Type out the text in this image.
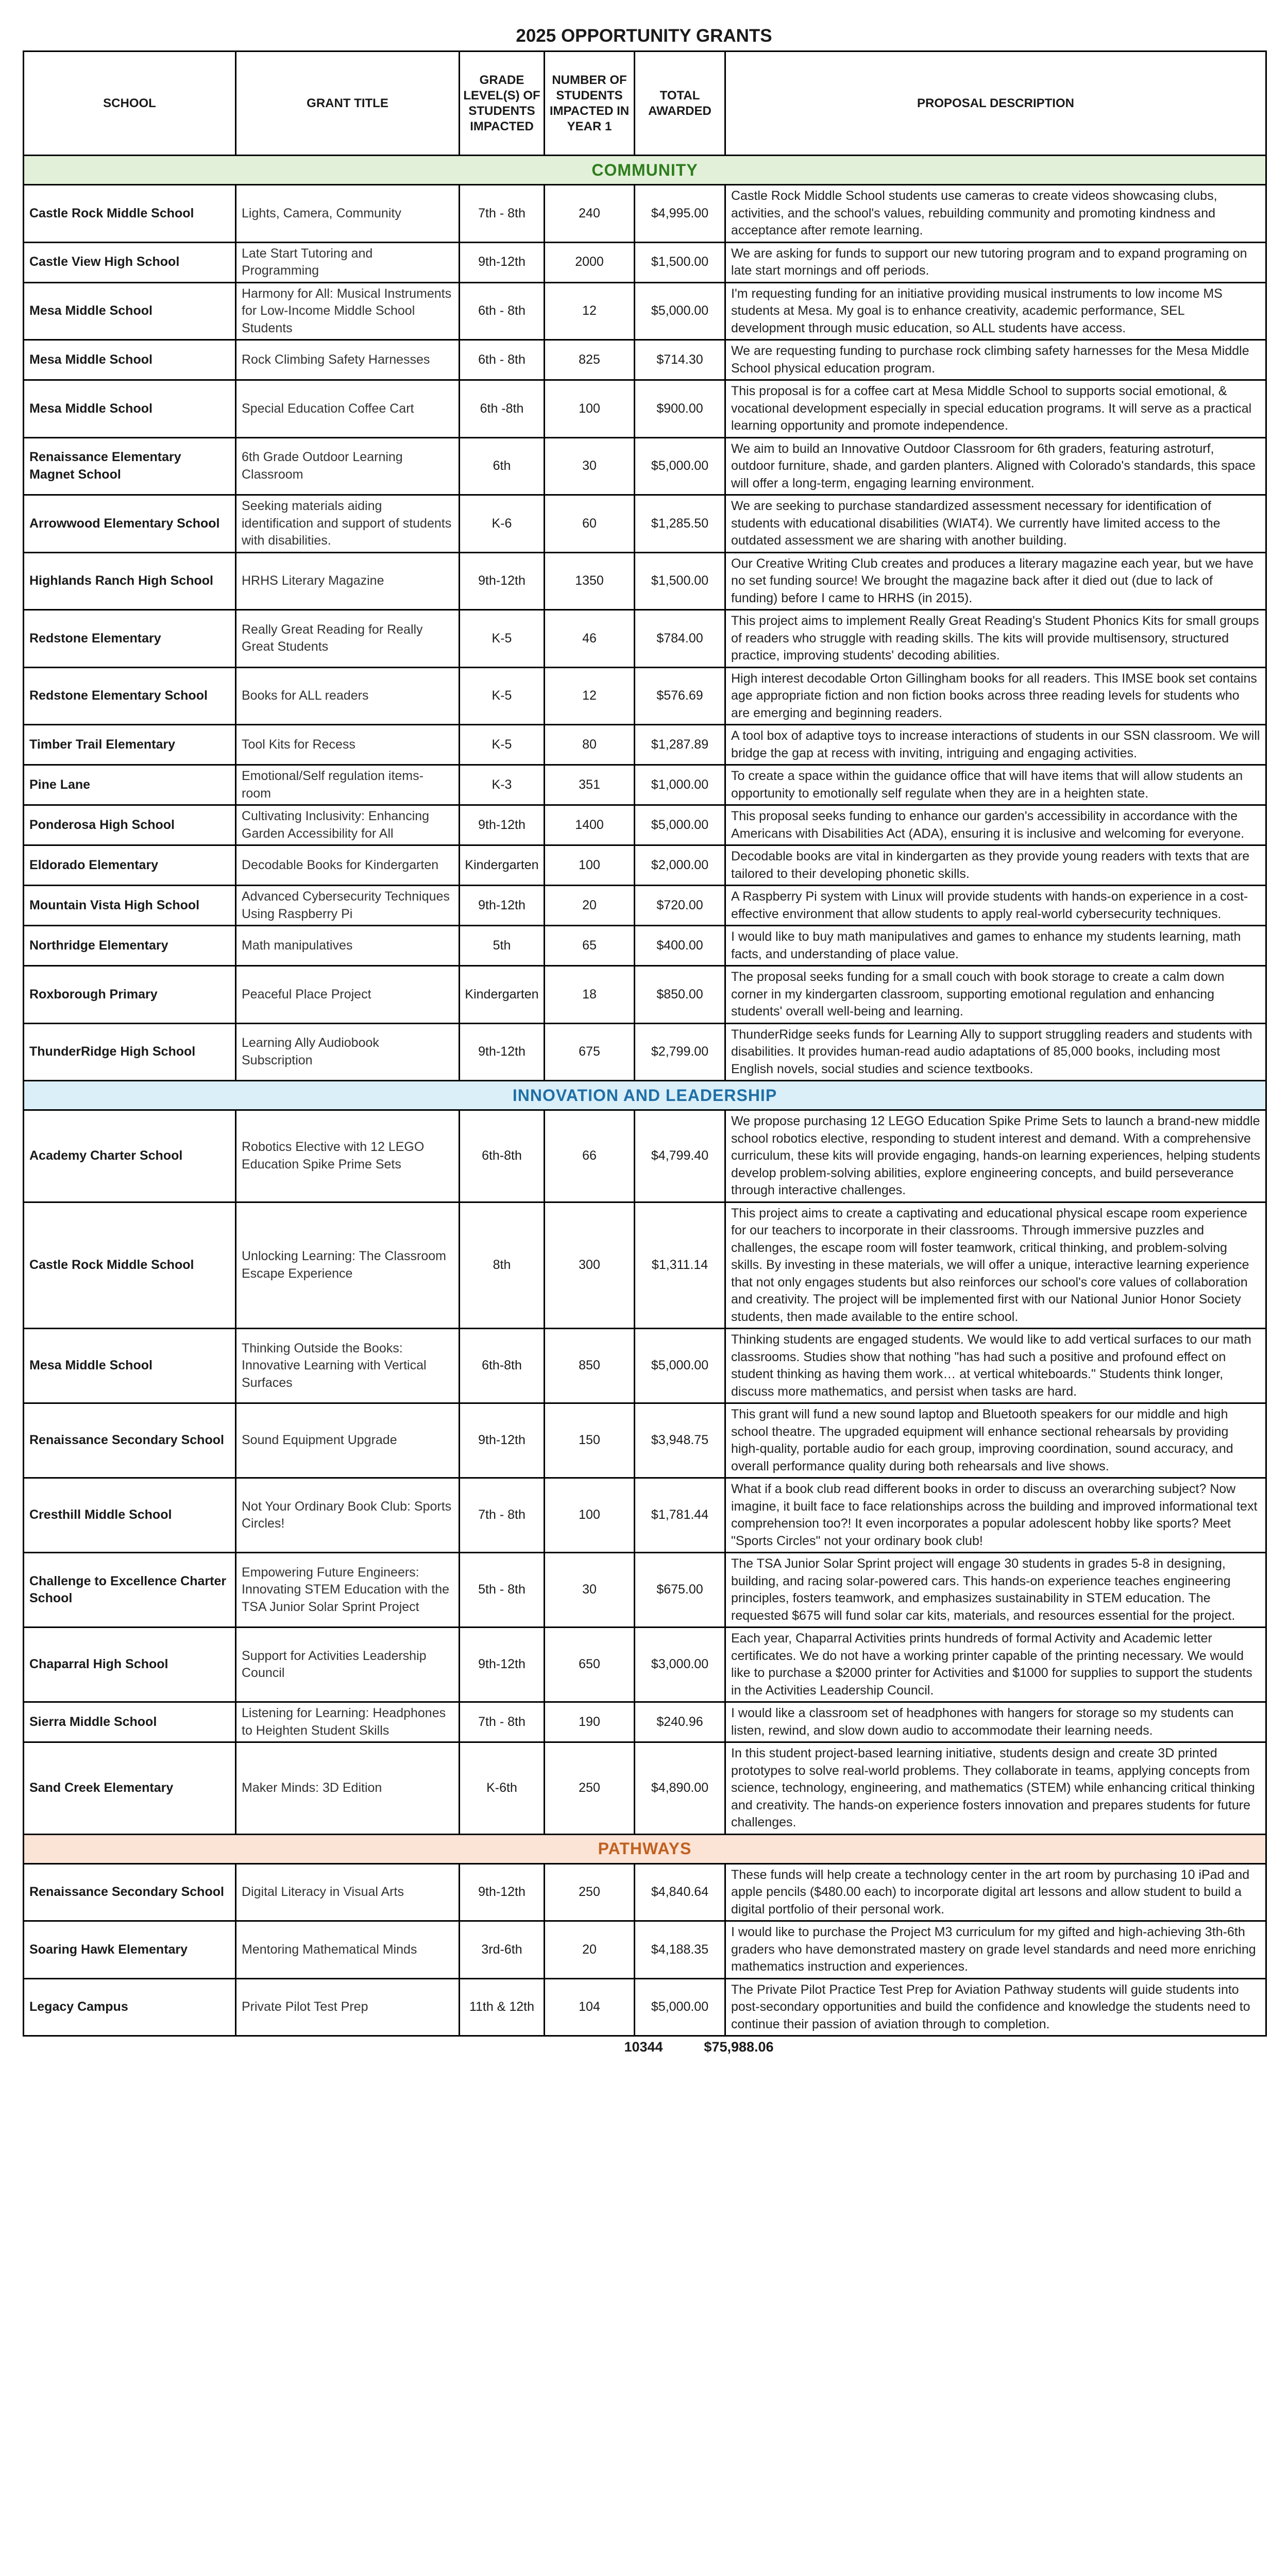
2025 OPPORTUNITY GRANTS
SCHOOL	GRANT TITLE	GRADE LEVEL(S) OF STUDENTS IMPACTED	NUMBER OF STUDENTS IMPACTED IN YEAR 1	TOTAL AWARDED	PROPOSAL DESCRIPTION
COMMUNITY					
Castle Rock Middle School	Lights, Camera, Community	7th - 8th	240	$4,995.00	Castle Rock Middle School students use cameras to create videos showcasing clubs, activities, and the school's values, rebuilding community and promoting kindness and acceptance after remote learning.
Castle View High School	Late Start Tutoring and Programming	9th-12th	2000	$1,500.00	We are asking for funds to support our new tutoring program and to expand programing on late start mornings and off periods.
Mesa Middle School	Harmony for All: Musical Instruments for Low-Income Middle School Students	6th - 8th	12	$5,000.00	I'm requesting funding for an initiative providing musical instruments to low income MS students at Mesa. My goal is to enhance creativity, academic performance, SEL development through music education, so ALL students have access.
Mesa Middle School	Rock Climbing Safety Harnesses	6th - 8th	825	$714.30	We are requesting funding to purchase rock climbing safety harnesses for the Mesa Middle School physical education program.
Mesa Middle School	Special Education Coffee Cart	6th -8th	100	$900.00	This proposal is for a coffee cart at Mesa Middle School to supports social emotional, & vocational development especially in special education programs. It will serve as a practical learning opportunity and promote independence.
Renaissance Elementary Magnet School	6th Grade Outdoor Learning Classroom	6th	30	$5,000.00	We aim to build an Innovative Outdoor Classroom for 6th graders, featuring astroturf, outdoor furniture, shade, and garden planters. Aligned with Colorado's standards, this space will offer a long-term, engaging learning environment.
Arrowwood Elementary School	Seeking materials aiding identification and support of students with disabilities.	K-6	60	$1,285.50	We are seeking to purchase standardized assessment necessary for identification of students with educational disabilities (WIAT4). We currently have limited access to the outdated assessment we are sharing with another building.
Highlands Ranch High School	HRHS Literary Magazine	9th-12th	1350	$1,500.00	Our Creative Writing Club creates and produces a literary magazine each year, but we have no set funding source! We brought the magazine back after it died out (due to lack of funding) before I came to HRHS (in 2015).
Redstone Elementary	Really Great Reading for Really Great Students	K-5	46	$784.00	This project aims to implement Really Great Reading's Student Phonics Kits for small groups of readers who struggle with reading skills. The kits will provide multisensory, structured practice, improving students' decoding abilities.
Redstone Elementary School	Books for ALL readers	K-5	12	$576.69	High interest decodable Orton Gillingham books for all readers. This IMSE book set contains age appropriate fiction and non fiction books across three reading levels for students who are emerging and beginning readers.
Timber Trail Elementary	Tool Kits for Recess	K-5	80	$1,287.89	A tool box of adaptive toys to increase interactions of students in our SSN classroom. We will bridge the gap at recess with inviting, intriguing and engaging activities.
Pine Lane	Emotional/Self regulation items- room	K-3	351	$1,000.00	To create a space within the guidance office that will have items that will allow students an opportunity to emotionally self regulate when they are in a heighten state.
Ponderosa High School	Cultivating Inclusivity: Enhancing Garden Accessibility for All	9th-12th	1400	$5,000.00	This proposal seeks funding to enhance our garden's accessibility in accordance with the Americans with Disabilities Act (ADA), ensuring it is inclusive and welcoming for everyone.
Eldorado Elementary	Decodable Books for Kindergarten	Kindergarten	100	$2,000.00	Decodable books are vital in kindergarten as they provide young readers with texts that are tailored to their developing phonetic skills.
Mountain Vista High School	Advanced Cybersecurity Techniques Using Raspberry Pi	9th-12th	20	$720.00	A Raspberry Pi system with Linux will provide students with hands-on experience in a cost-effective environment that allow students to apply real-world cybersecurity techniques.
Northridge Elementary	Math manipulatives	5th	65	$400.00	I would like to buy math manipulatives and games to enhance my students learning, math facts, and understanding of place value.
Roxborough Primary	Peaceful Place Project	Kindergarten	18	$850.00	The proposal seeks funding for a small couch with book storage to create a calm down corner in my kindergarten classroom, supporting emotional regulation and enhancing students' overall well-being and learning.
ThunderRidge High School	Learning Ally Audiobook Subscription	9th-12th	675	$2,799.00	ThunderRidge seeks funds for Learning Ally to support struggling readers and students with disabilities. It provides human-read audio adaptations of 85,000 books, including most English novels, social studies and science textbooks.
INNOVATION AND LEADERSHIP					
Academy Charter School	Robotics Elective with 12 LEGO Education Spike Prime Sets	6th-8th	66	$4,799.40	We propose purchasing 12 LEGO Education Spike Prime Sets to launch a brand-new middle school robotics elective, responding to student interest and demand. With a comprehensive curriculum, these kits will provide engaging, hands-on learning experiences, helping students develop problem-solving abilities, explore engineering concepts, and build perseverance through interactive challenges.
Castle Rock Middle School	Unlocking Learning: The Classroom Escape Experience	8th	300	$1,311.14	This project aims to create a captivating and educational physical escape room experience for our teachers to incorporate in their classrooms. Through immersive puzzles and challenges, the escape room will foster teamwork, critical thinking, and problem-solving skills. By investing in these materials, we will offer a unique, interactive learning experience that not only engages students but also reinforces our school's core values of collaboration and creativity. The project will be implemented first with our National Junior Honor Society students, then made available to the entire school.
Mesa Middle School	Thinking Outside the Books: Innovative Learning with Vertical Surfaces	6th-8th	850	$5,000.00	Thinking students are engaged students. We would like to add vertical surfaces to our math classrooms. Studies show that nothing "has had such a positive and profound effect on student thinking as having them work… at vertical whiteboards." Students think longer, discuss more mathematics, and persist when tasks are hard.
Renaissance Secondary School	Sound Equipment Upgrade	9th-12th	150	$3,948.75	This grant will fund a new sound laptop and Bluetooth speakers for our middle and high school theatre. The upgraded equipment will enhance sectional rehearsals by providing high-quality, portable audio for each group, improving coordination, sound accuracy, and overall performance quality during both rehearsals and live shows.
Cresthill Middle School	Not Your Ordinary Book Club: Sports Circles!	7th - 8th	100	$1,781.44	What if a book club read different books in order to discuss an overarching subject? Now imagine, it built face to face relationships across the building and improved informational text comprehension too?! It even incorporates a popular adolescent hobby like sports? Meet "Sports Circles" not your ordinary book club!
Challenge to Excellence Charter School	Empowering Future Engineers: Innovating STEM Education with the TSA Junior Solar Sprint Project	5th - 8th	30	$675.00	The TSA Junior Solar Sprint project will engage 30 students in grades 5-8 in designing, building, and racing solar-powered cars. This hands-on experience teaches engineering principles, fosters teamwork, and emphasizes sustainability in STEM education. The requested $675 will fund solar car kits, materials, and resources essential for the project.
Chaparral High School	Support for Activities Leadership Council	9th-12th	650	$3,000.00	Each year, Chaparral Activities prints hundreds of formal Activity and Academic letter certificates. We do not have a working printer capable of the printing necessary. We would like to purchase a $2000 printer for Activities and $1000 for supplies to support the students in the Activities Leadership Council.
Sierra Middle School	Listening for Learning: Headphones to Heighten Student Skills	7th - 8th	190	$240.96	I would like a classroom set of headphones with hangers for storage so my students can listen, rewind, and slow down audio to accommodate their learning needs.
Sand Creek Elementary	Maker Minds: 3D Edition	K-6th	250	$4,890.00	In this student project-based learning initiative, students design and create 3D printed prototypes to solve real-world problems. They collaborate in teams, applying concepts from science, technology, engineering, and mathematics (STEM) while enhancing critical thinking and creativity. The hands-on experience fosters innovation and prepares students for future challenges.
PATHWAYS					
Renaissance Secondary School	Digital Literacy in Visual Arts	9th-12th	250	$4,840.64	These funds will help create a technology center in the art room by purchasing 10 iPad and apple pencils ($480.00 each) to incorporate digital art lessons and allow student to build a digital portfolio of their personal work.
Soaring Hawk Elementary	Mentoring Mathematical Minds	3rd-6th	20	$4,188.35	I would like to purchase the Project M3 curriculum for my gifted and high-achieving 3th-6th graders who have demonstrated mastery on grade level standards and need more enriching mathematics instruction and experiences.
Legacy Campus	Private Pilot Test Prep	11th & 12th	104	$5,000.00	The Private Pilot Practice Test Prep for Aviation Pathway students will guide students into post-secondary opportunities and build the confidence and knowledge the students need to continue their passion of aviation through to completion.
10344	$75,988.06
